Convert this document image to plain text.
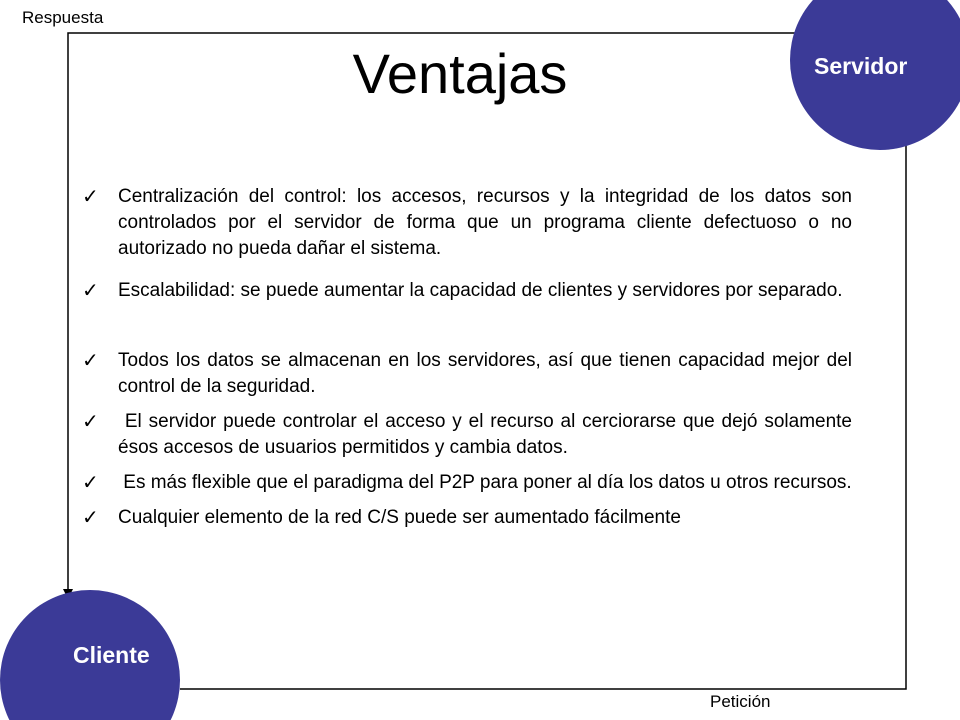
Respuesta
Petición
Servidor
Cliente
Ventajas
✓ Centralización del control: los accesos, recursos y la integridad de los datos son controlados por el servidor de forma que un programa cliente defectuoso o no autorizado no pueda dañar el sistema.
✓ Escalabilidad: se puede aumentar la capacidad de clientes y servidores por separado.
✓ Todos los datos se almacenan en los servidores, así que tienen capacidad mejor del control de la seguridad.
✓ El servidor puede controlar el acceso y el recurso al cerciorarse que dejó solamente ésos accesos de usuarios permitidos y cambia datos.
✓ Es más flexible que el paradigma del P2P para poner al día los datos u otros recursos.
✓ Cualquier elemento de la red C/S puede ser aumentado fácilmente
